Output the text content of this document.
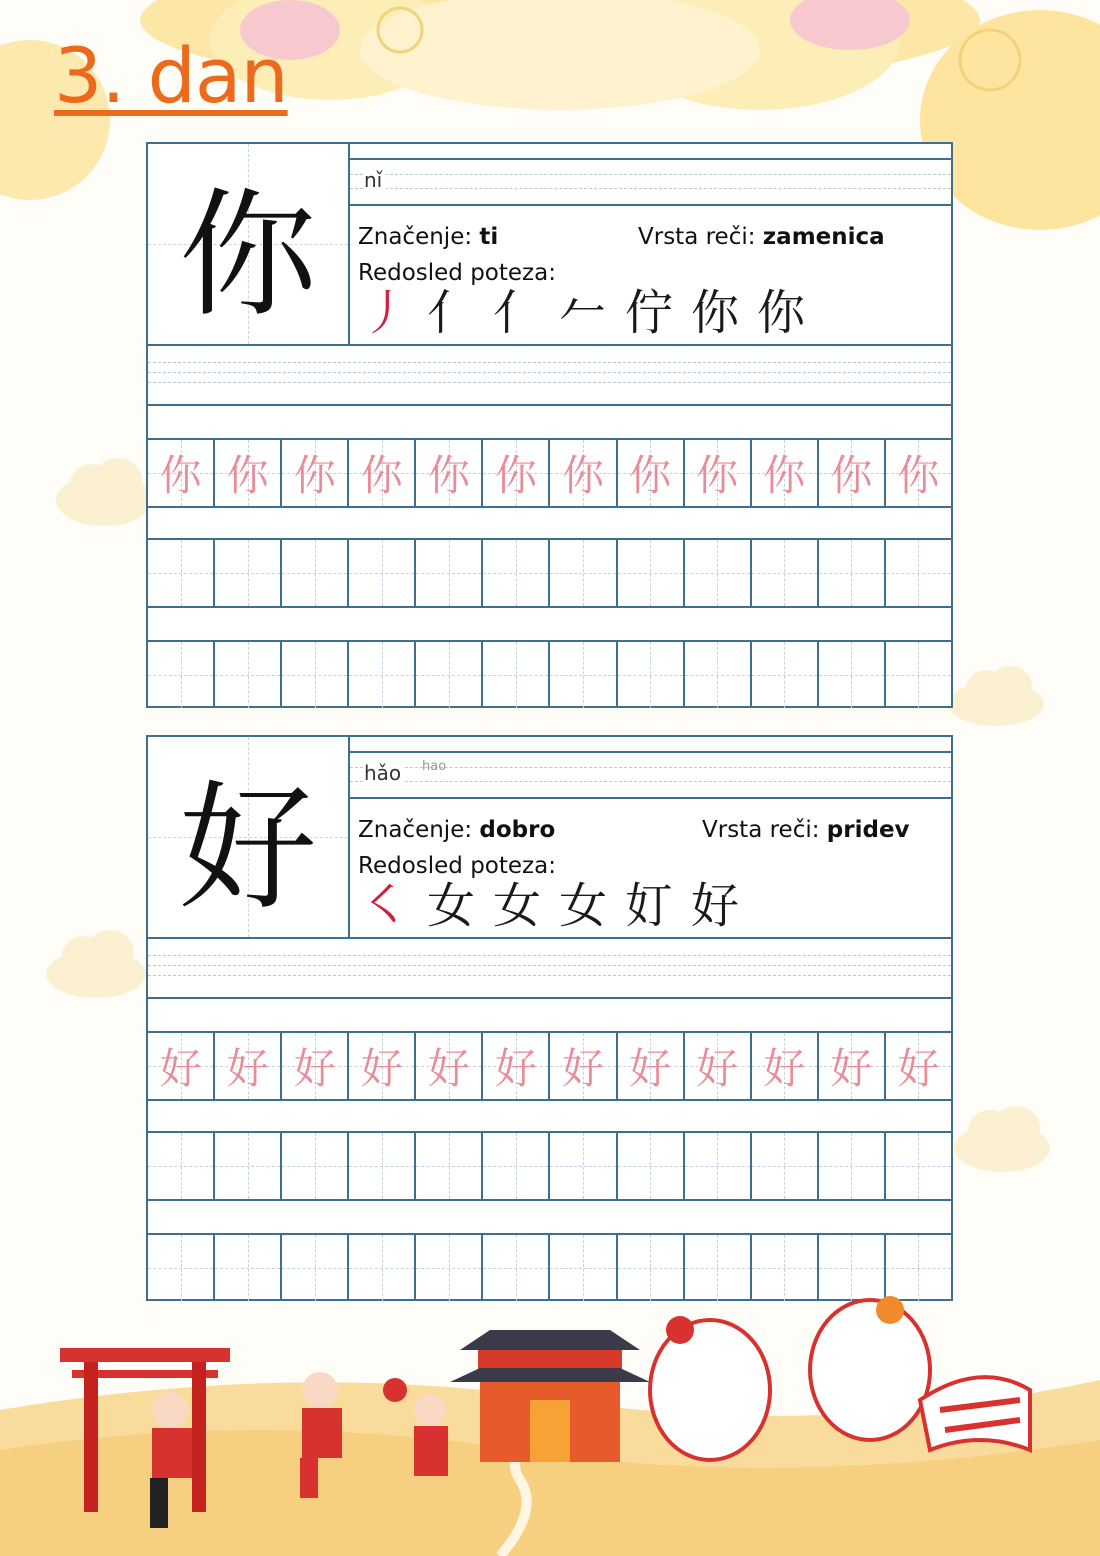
3. dan
你	nǐ
Značenje: ti	Vrsta reči: zamenica
Redosled poteza:
丿 亻 亻 𠂉 佇 你 你
你 你 你 你 你 你 你 你 你 你 你 你
好	hǎo	hao
Značenje: dobro	Vrsta reči: pridev
Redosled poteza:
㇛ 女 女 女 奵 好
好 好 好 好 好 好 好 好 好 好 好 好
